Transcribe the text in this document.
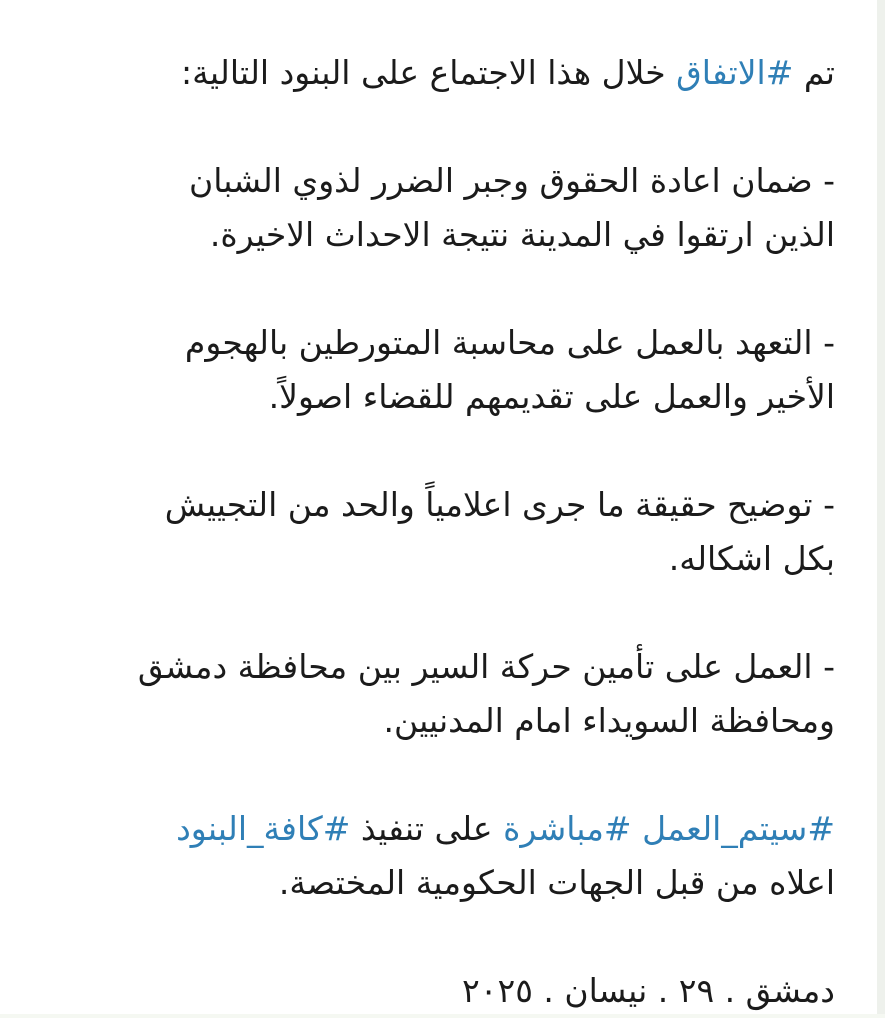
تم #الاتفاق خلال هذا الاجتماع على البنود التالية:
- ضمان اعادة الحقوق وجبر الضرر لذوي الشبان
الذين ارتقوا في المدينة نتيجة الاحداث الاخيرة.
- التعهد بالعمل على محاسبة المتورطين بالهجوم
الأخير والعمل على تقديمهم للقضاء اصولاً.
- توضيح حقيقة ما جرى اعلامياً والحد من التجييش
بكل اشكاله.
- العمل على تأمين حركة السير بين محافظة دمشق
ومحافظة السويداء امام المدنيين.
#سيتم_العمل #مباشرة على تنفيذ #كافة_البنود
اعلاه من قبل الجهات الحكومية المختصة.
دمشق . ٢٩ . نيسان . ٢٠٢٥
